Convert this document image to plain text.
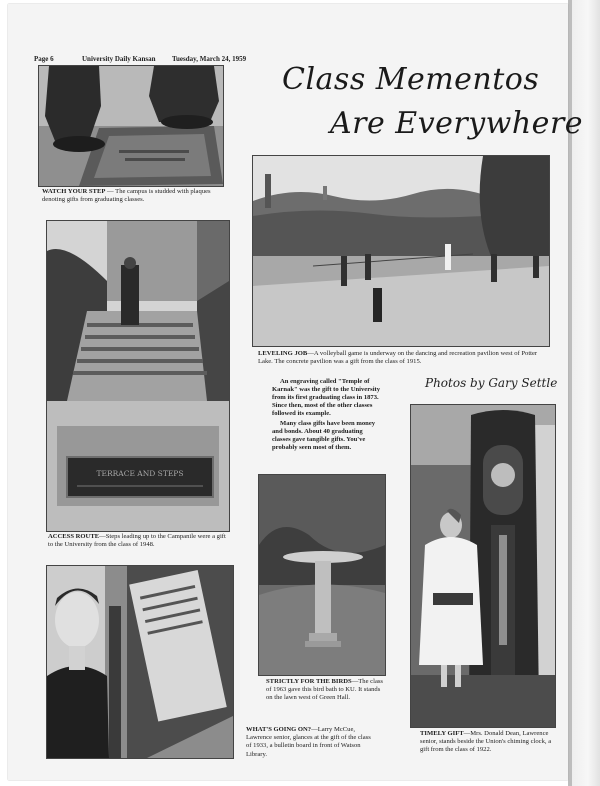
Page 6	University Daily Kansan Tuesday, March 24, 1959
Class Mementos
Are Everywhere
WATCH YOUR STEP — The campus is studded with plaques denoting gifts from graduating classes.
LEVELING JOB—A volleyball game is underway on the dancing and recreation pavilion west of Potter Lake. The concrete pavilion was a gift from the class of 1915.
TERRACE AND STEPS
ACCESS ROUTE—Steps leading up to the Campanile were a gift to the University from the class of 1948.
STRICTLY FOR THE BIRDS—The class of 1963 gave this bird bath to KU. It stands on the lawn west of Green Hall.
WHAT'S GOING ON?—Larry McCue, Lawrence senior, glances at the gift of the class of 1933, a bulletin board in front of Watson Library.
TIMELY GIFT—Mrs. Donald Dean, Lawrence senior, stands beside the Union's chiming clock, a gift from the class of 1922.
Photos by Gary Settle

An engraving called "Temple of Karnak" was the gift to the University from its first graduating class in 1873. Since then, most of the other classes followed its example.

Many class gifts have been money and bonds. About 40 graduating classes gave tangible gifts. You've probably seen most of them.
